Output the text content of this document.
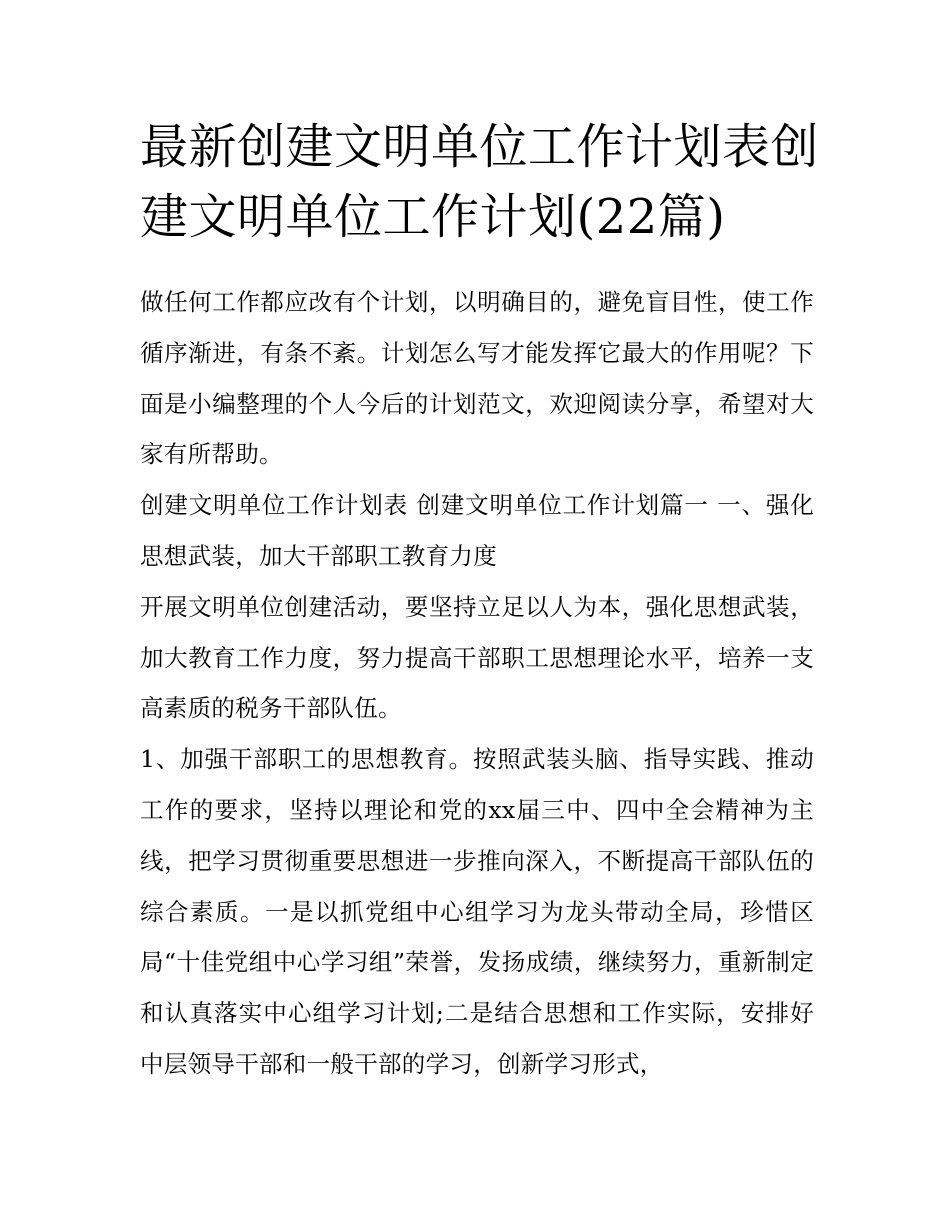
最新创建文明单位工作计划表创建文明单位工作计划(22篇)

做任何工作都应改有个计划，以明确目的，避免盲目性，使工作循序渐进，有条不紊。计划怎么写才能发挥它最大的作用呢？下面是小编整理的个人今后的计划范文，欢迎阅读分享，希望对大家有所帮助。

创建文明单位工作计划表 创建文明单位工作计划篇一 一、强化思想武装，加大干部职工教育力度

开展文明单位创建活动，要坚持立足以人为本，强化思想武装，加大教育工作力度，努力提高干部职工思想理论水平，培养一支高素质的税务干部队伍。

1、加强干部职工的思想教育。按照武装头脑、指导实践、推动工作的要求，坚持以理论和党的xx届三中、四中全会精神为主线，把学习贯彻重要思想进一步推向深入，不断提高干部队伍的综合素质。一是以抓党组中心组学习为龙头带动全局，珍惜区局“十佳党组中心学习组”荣誉，发扬成绩，继续努力，重新制定和认真落实中心组学习计划;二是结合思想和工作实际，安排好中层领导干部和一般干部的学习，创新学习形式，
